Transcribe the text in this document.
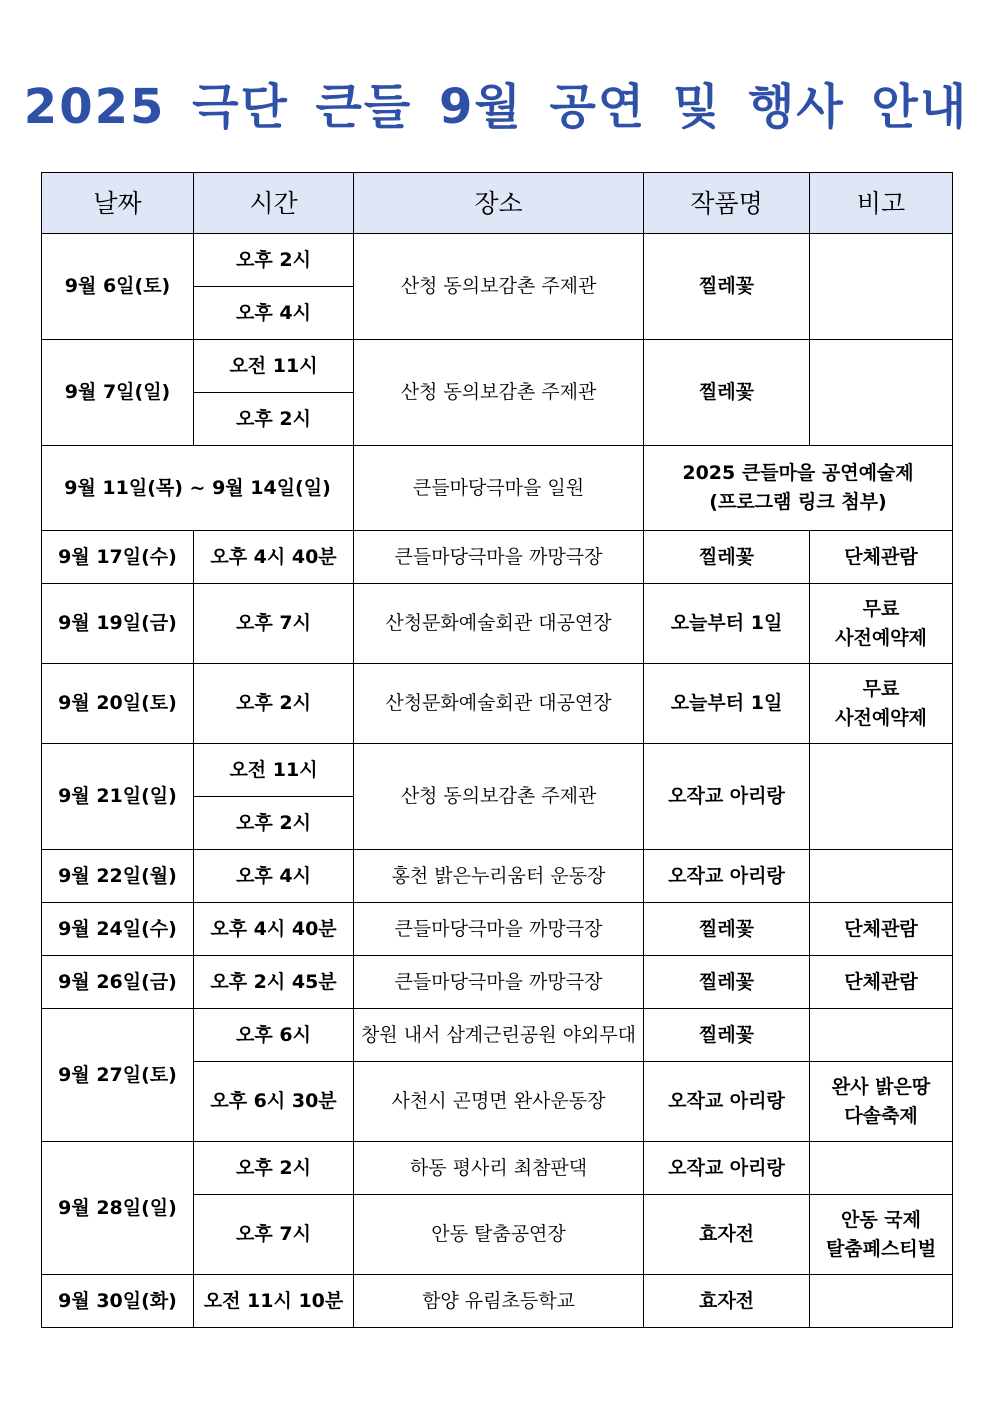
2025 극단 큰들 9월 공연 및 행사 안내
날짜	시간	장소	작품명	비고
9월 6일(토)	오후 2시	산청 동의보감촌 주제관	찔레꽃	
	오후 4시			
9월 7일(일)	오전 11시	산청 동의보감촌 주제관	찔레꽃	
	오후 2시			
9월 11일(목) ~ 9월 14일(일)		큰들마당극마을 일원	2025 큰들마을 공연예술제
(프로그램 링크 첨부)	

9월 17일(수)	오후 4시 40분	큰들마당극마을 까망극장	찔레꽃	단체관람
9월 19일(금)	오후 7시	산청문화예술회관 대공연장	오늘부터 1일	무료
사전예약제

9월 20일(토)	오후 2시	산청문화예술회관 대공연장	오늘부터 1일	무료
사전예약제

9월 21일(일)	오전 11시	산청 동의보감촌 주제관	오작교 아리랑	
	오후 2시			
9월 22일(월)	오후 4시	홍천 밝은누리움터 운동장	오작교 아리랑	
9월 24일(수)	오후 4시 40분	큰들마당극마을 까망극장	찔레꽃	단체관람
9월 26일(금)	오후 2시 45분	큰들마당극마을 까망극장	찔레꽃	단체관람
9월 27일(토)	오후 6시	창원 내서 삼계근린공원 야외무대	찔레꽃	
	오후 6시 30분	사천시 곤명면 완사운동장	오작교 아리랑	완사 밝은땅
다솔축제

9월 28일(일)	오후 2시	하동 평사리 최참판댁	오작교 아리랑	
	오후 7시	안동 탈춤공연장	효자전	안동 국제
탈춤페스티벌

9월 30일(화)	오전 11시 10분	함양 유림초등학교	효자전	
